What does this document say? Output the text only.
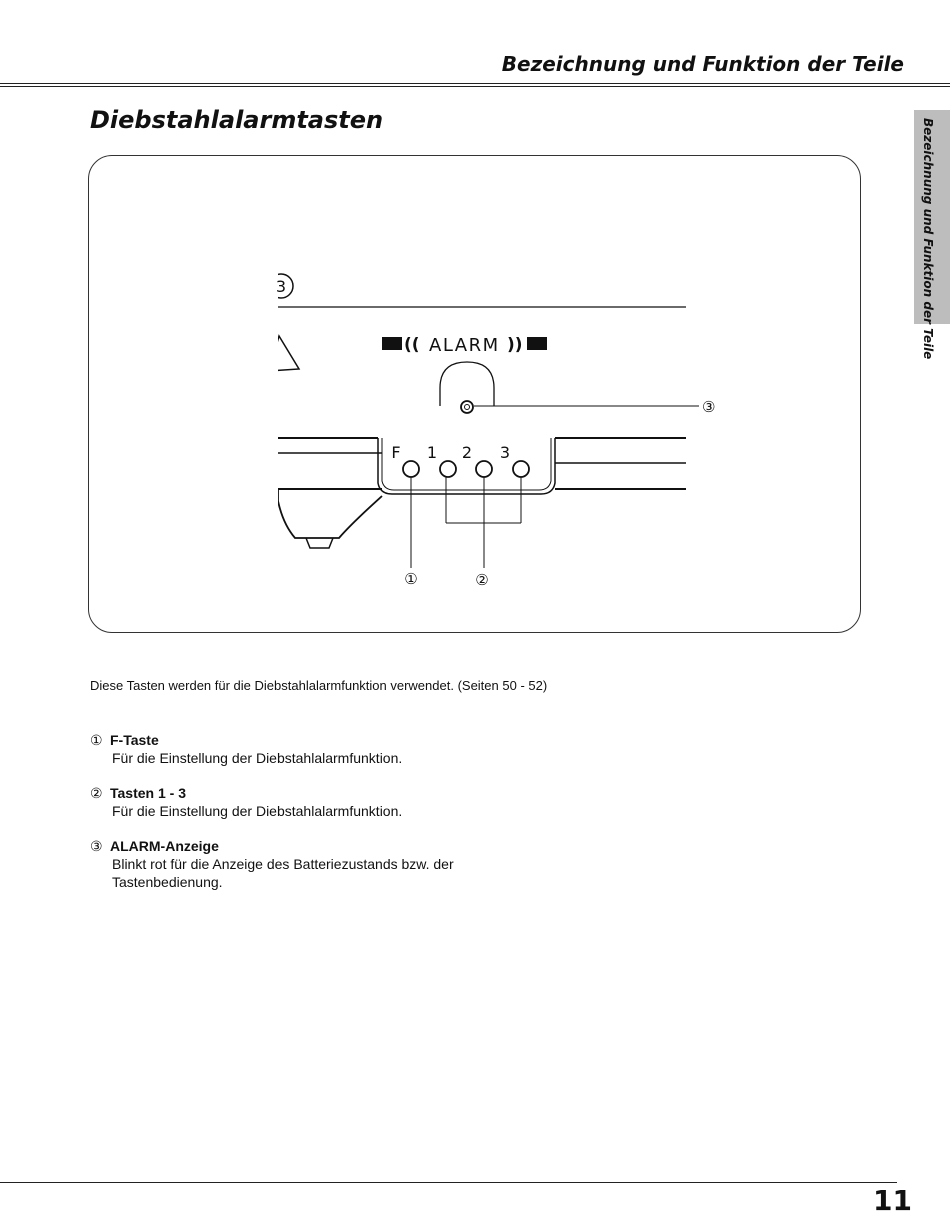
Bezeichnung und Funktion der Teile
Bezeichnung und Funktion der Teile
Diebstahlalarmtasten
3
(( ALARM ))
③
F 1 2 3
①	②
Diese Tasten werden für die Diebstahlalarmfunktion verwendet. (Seiten 50 - 52)
① F-Taste
Für die Einstellung der Diebstahlalarmfunktion.
② Tasten 1 - 3
Für die Einstellung der Diebstahlalarmfunktion.
③ ALARM-Anzeige
Blinkt rot für die Anzeige des Batteriezustands bzw. der Tastenbedienung.
11
